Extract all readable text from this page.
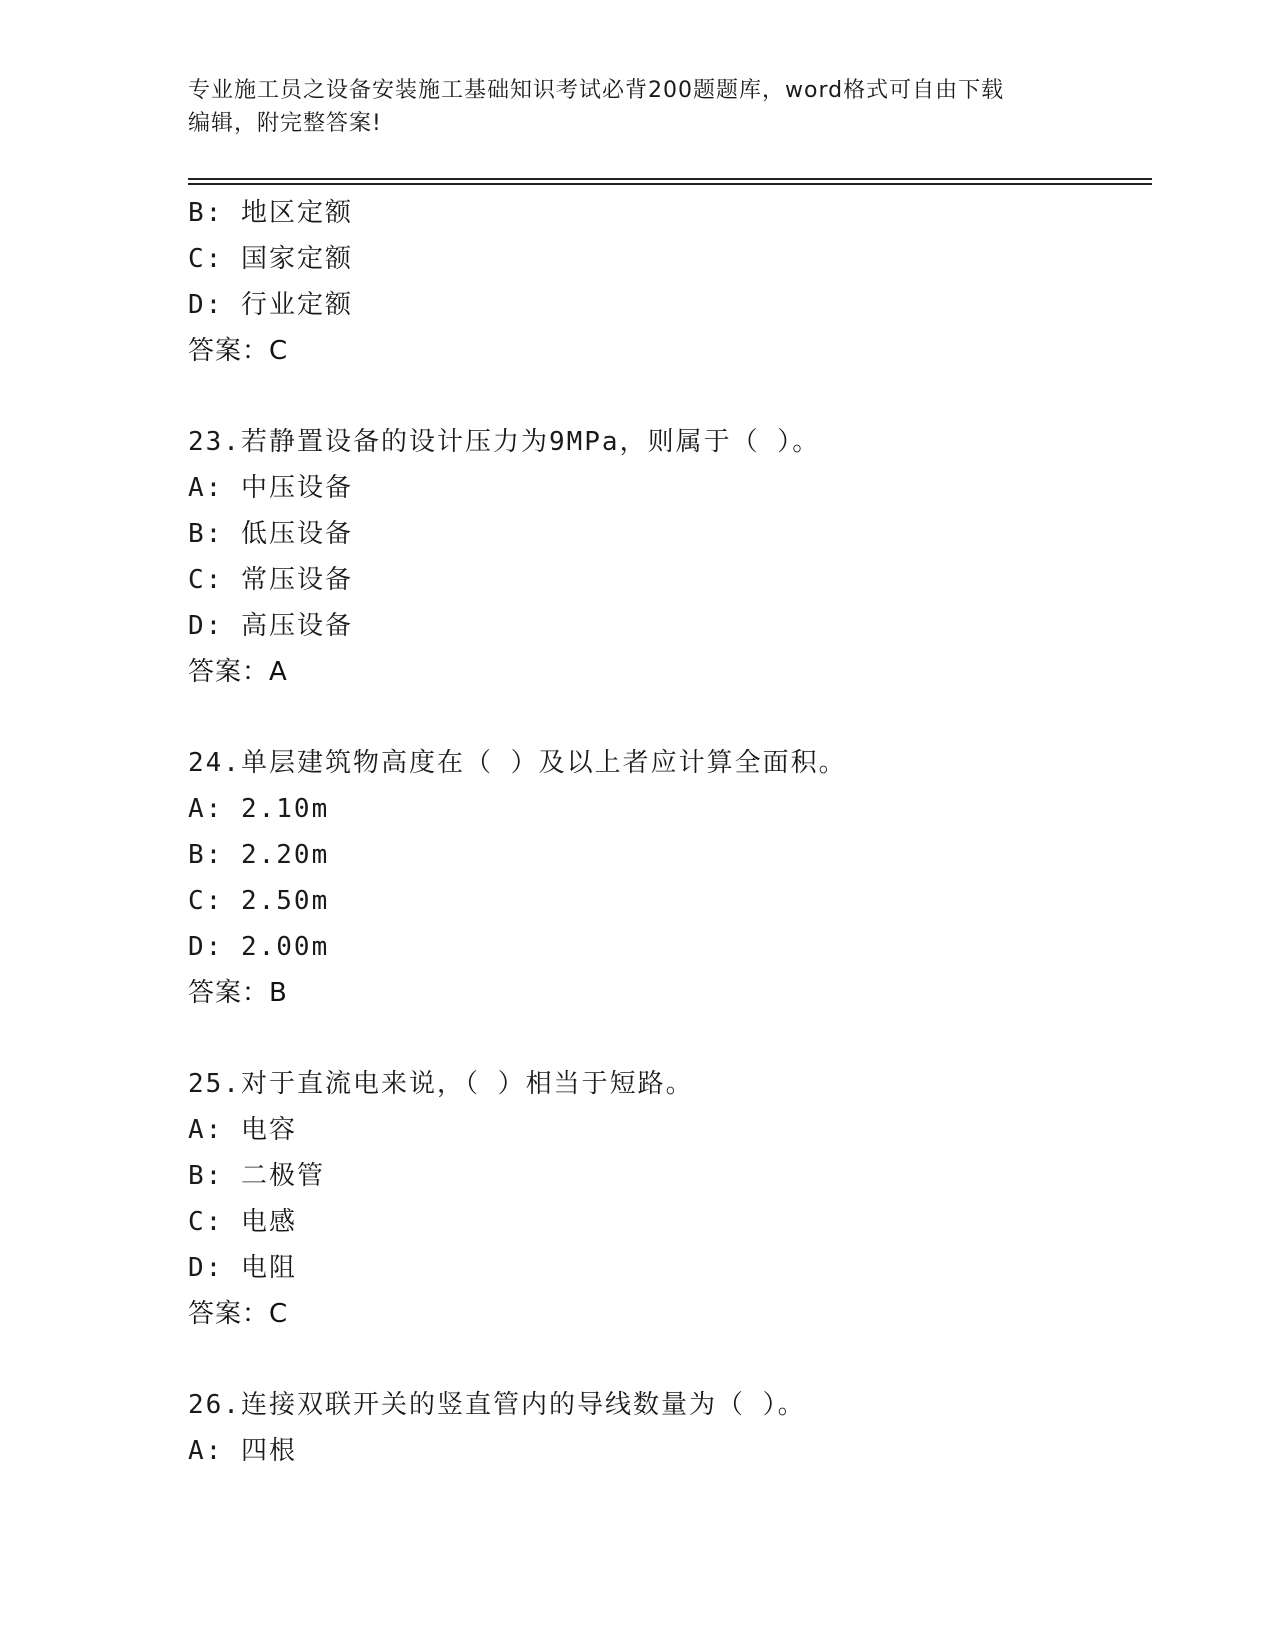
专业施工员之设备安装施工基础知识考试必背200题题库，word格式可自由下载
编辑，附完整答案!
B: 地区定额
C: 国家定额
D: 行业定额
答案：C
23.若静置设备的设计压力为9MPa，则属于（ ）。
A: 中压设备
B: 低压设备
C: 常压设备
D: 高压设备
答案：A
24.单层建筑物高度在（ ）及以上者应计算全面积。
A: 2.10m
B: 2.20m
C: 2.50m
D: 2.00m
答案：B
25.对于直流电来说，（ ）相当于短路。
A: 电容
B: 二极管
C: 电感
D: 电阻
答案：C
26.连接双联开关的竖直管内的导线数量为（ ）。
A: 四根
